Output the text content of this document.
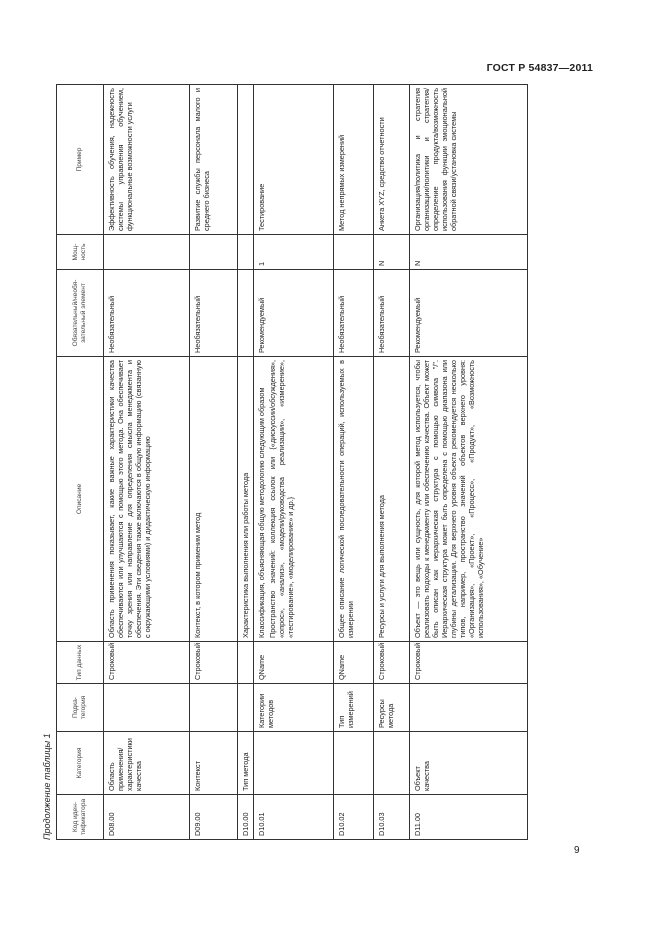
ГОСТ Р 54837—2011
Продолжение таблицы 1	Код иден-тификатора	Категория	Подка-тегория	Тип данных	Описание	Обязательный/необя-зательный элемент	Мощ-ность	Пример
D08.00	Область применения/характеристики качества		Строковый	Область применения показывает, какие важные характеристики качества обеспечиваются или улучшаются с помощью этого метода. Она обеспечивает точку зрения или направление для определения смысла менеджмента и обеспечения. Эти сведения также включаются в общую информацию (связанную с окружающими условиями) и дидактическую информацию	Необязательный		Эффективность обучения, надежность системы управления обучением, функциональные возможности услуги
D09.00	Контекст		Строковый	Контекст, в котором применим метод	Необязательный		Развитие службы персонала малого и среднего бизнеса
D10.00	Тип метода			Характеристика выполнения или работы метода			
D10.01		Категории методов	QName	Классификация, объясняющая общую методологию следующим образом Пространство значений: коллекция ссылок или {«дискуссии/обсуждения», «опрос», «анализ», «модели/руководства реализации», «измерение», «тестирование», «моделирование» и др.}	Рекомендуемый	1	Тестирование
D10.02		Тип измерений	QName	Общее описание логической последовательности операций, используемых в измерении	Необязательный		Метод непрямых измерений
D10.03		Ресурсы метода	Строковый	Ресурсы и услуги для выполнения метода	Необязательный	N	Анкета XYZ, средство отчетности
D11.00	Объект качества		Строковый	Объект — это вещь или сущность, для которой метод используется, чтобы реализовать подходы к менеджменту или обеспечению качества. Объект может быть описан как иерархическая структура с помощью символа "/". Иерархическая структура может быть определена с помощью диапазона или глубины детализации. Для верхнего уровня объекта рекомендуется несколько типов, например, пространство значений объектов верхнего уровня: «Организация», «Проект», «Процесс», «Продукт», «Возможность использования», «Обучение»	Рекомендуемый	N	Организация/политика и стратегия организации/политики и стратегия/определение продукта/возможность использования функции эмоциональной обратной связи/установка системы
9
